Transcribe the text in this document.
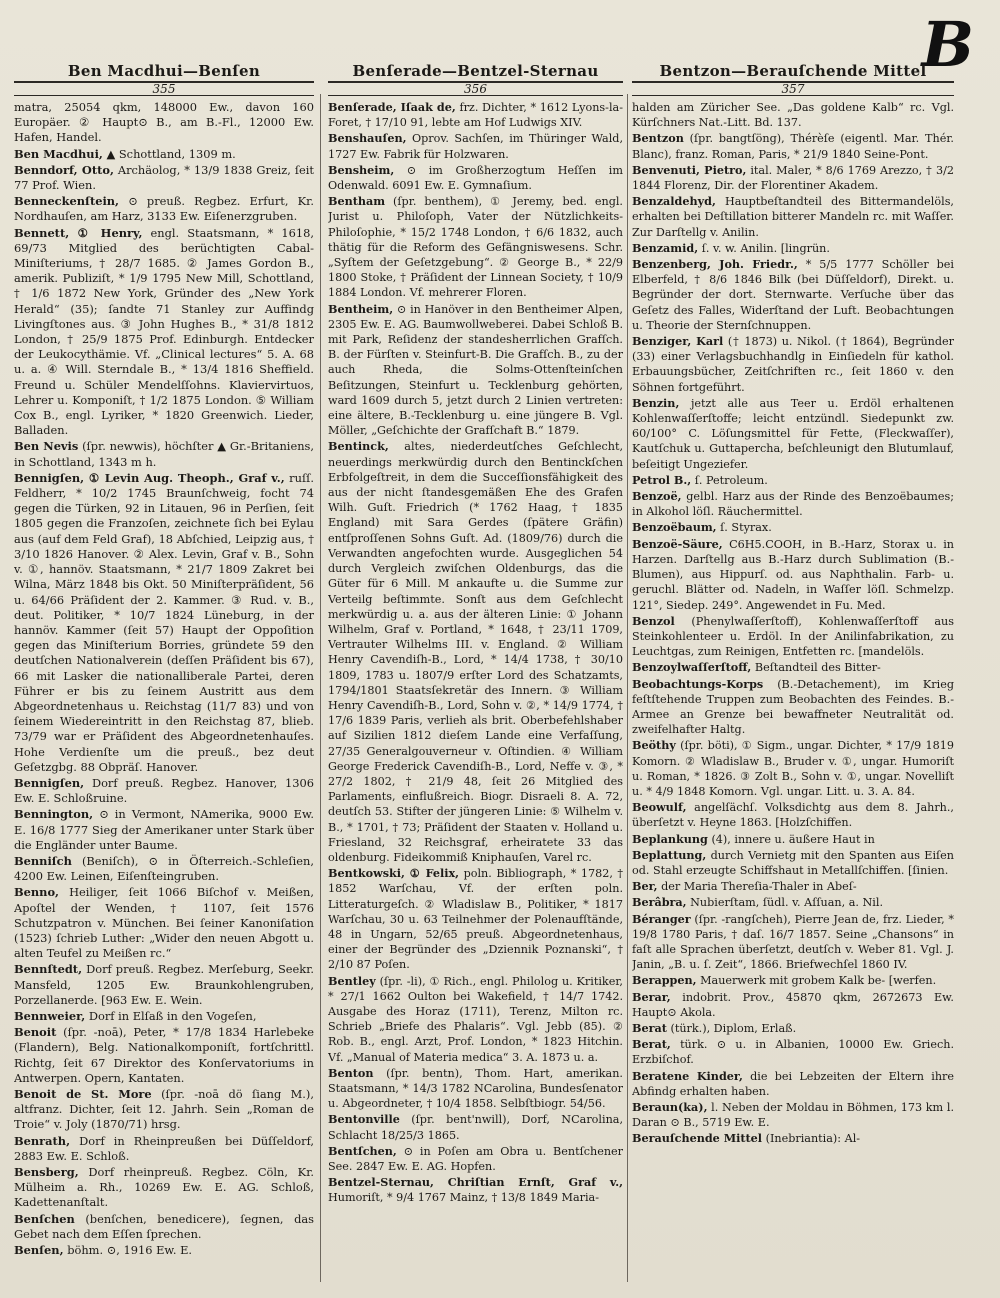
B
Ben Macdhui—Benſen
355

matra, 25054 qkm, 148000 Ew., davon 160 Europäer. ② Haupt⊙ B., am B.-Fl., 12000 Ew. Hafen, Handel.

Ben Macdhui, ▲ Schottland, 1309 m.

Benndorf, Otto, Archäolog, * 13/9 1838 Greiz, ſeit 77 Prof. Wien.

Benneckenſtein, ⊙ preuß. Regbez. Erfurt, Kr. Nordhauſen, am Harz, 3133 Ew. Eiſenerzgruben.

Bennett, ① Henry, engl. Staatsmann, * 1618, 69/73 Mitglied des berüchtigten Cabal-Miniſteriums, † 28/7 1685. ② James Gordon B., amerik. Publiziſt, * 1/9 1795 New Mill, Schottland, † 1/6 1872 New York, Gründer des „New York Herald“ (35); ſandte 71 Stanley zur Auffindg Livingſtones aus. ③ John Hughes B., * 31/8 1812 London, † 25/9 1875 Prof. Edinburgh. Entdecker der Leukocythämie. Vf. „Clinical lectures“ 5. A. 68 u. a. ④ Will. Sterndale B., * 13/4 1816 Sheffield. Freund u. Schüler Mendelſſohns. Klaviervirtuos, Lehrer u. Komponiſt, † 1/2 1875 London. ⑤ William Cox B., engl. Lyriker, * 1820 Greenwich. Lieder, Balladen.

Ben Nevis (ſpr. newwis), höchſter ▲ Gr.-Britaniens, in Schottland, 1343 m h.

Bennigſen, ① Levin Aug. Theoph., Graf v., ruſſ. Feldherr, * 10/2 1745 Braunſchweig, focht 74 gegen die Türken, 92 in Litauen, 96 in Perſien, ſeit 1805 gegen die Franzoſen, zeichnete ſich bei Eylau aus (auf dem Feld Graf), 18 Abſchied, Leipzig aus, † 3/10 1826 Hanover. ② Alex. Levin, Graf v. B., Sohn v. ①, hannöv. Staatsmann, * 21/7 1809 Zakret bei Wilna, März 1848 bis Okt. 50 Miniſterpräſident, 56 u. 64/66 Präſident der 2. Kammer. ③ Rud. v. B., deut. Politiker, * 10/7 1824 Lüneburg, in der hannöv. Kammer (ſeit 57) Haupt der Oppoſition gegen das Miniſterium Borries, gründete 59 den deutſchen Nationalverein (deſſen Präſident bis 67), 66 mit Lasker die nationalliberale Partei, deren Führer er bis zu ſeinem Austritt aus dem Abgeordnetenhaus u. Reichstag (11/7 83) und von ſeinem Wiedereintritt in den Reichstag 87, blieb. 73/79 war er Präſident des Abgeordnetenhauſes. Hohe Verdienſte um die preuß., bez deut Geſetzgbg. 88 Obpräſ. Hanover.

Bennigſen, Dorf preuß. Regbez. Hanover, 1306 Ew. E. Schloßruine.

Bennington, ⊙ in Vermont, NAmerika, 9000 Ew. E. 16/8 1777 Sieg der Amerikaner unter Stark über die Engländer unter Baume.

Benniſch (Beniſch), ⊙ in Öſterreich.-Schleſien, 4200 Ew. Leinen, Eiſenſteingruben.

Benno, Heiliger, ſeit 1066 Biſchof v. Meißen, Apoſtel der Wenden, † 1107, ſeit 1576 Schutzpatron v. München. Bei ſeiner Kanoniſation (1523) ſchrieb Luther: „Wider den neuen Abgott u. alten Teufel zu Meißen rc.“

Bennſtedt, Dorf preuß. Regbez. Merſeburg, Seekr. Mansfeld, 1205 Ew. Braunkohlengruben, Porzellanerde. [963 Ew. E. Wein.

Bennweier, Dorf in Elſaß in den Vogeſen,

Benoit (ſpr. -noā), Peter, * 17/8 1834 Harlebeke (Flandern), Belg. Nationalkomponiſt, fortſchrittl. Richtg, ſeit 67 Direktor des Konſervatoriums in Antwerpen. Opern, Kantaten.

Benoit de St. More (ſpr. -noā dö ſiang M.), altfranz. Dichter, ſeit 12. Jahrh. Sein „Roman de Troie“ v. Joly (1870/71) hrsg.

Benrath, Dorf in Rheinpreußen bei Düſſeldorf, 2883 Ew. E. Schloß.

Bensberg, Dorf rheinpreuß. Regbez. Cöln, Kr. Mülheim a. Rh., 10269 Ew. E. AG. Schloß, Kadettenanſtalt.

Benſchen (benſchen, benedicere), ſegnen, das Gebet nach dem Eſſen ſprechen.

Benſen, böhm. ⊙, 1916 Ew. E.

Benſerade—Bentzel-Sternau
356

Benſerade, Iſaak de, frz. Dichter, * 1612 Lyons-la-Foret, † 17/10 91, lebte am Hof Ludwigs XIV.

Benshauſen, Oprov. Sachſen, im Thüringer Wald, 1727 Ew. Fabrik für Holzwaren.

Bensheim, ⊙ im Großherzogtum Heſſen im Odenwald. 6091 Ew. E. Gymnaſium.

Bentham (ſpr. benthem), ① Jeremy, bed. engl. Jurist u. Philoſoph, Vater der Nützlichkeits-Philoſophie, * 15/2 1748 London, † 6/6 1832, auch thätig für die Reform des Gefängniswesens. Schr. „Syſtem der Geſetzgebung“. ② George B., * 22/9 1800 Stoke, † Präſident der Linnean Society, † 10/9 1884 London. Vf. mehrerer Floren.

Bentheim, ⊙ in Hanöver in den Bentheimer Alpen, 2305 Ew. E. AG. Baumwollweberei. Dabei Schloß B. mit Park, Reſidenz der standesherrlichen Grafſch. B. der Fürſten v. Steinfurt-B. Die Grafſch. B., zu der auch Rheda, die Solms-Ottenſteinſchen Beſitzungen, Steinfurt u. Tecklenburg gehörten, ward 1609 durch 5, jetzt durch 2 Linien vertreten: eine ältere, B.-Tecklenburg u. eine jüngere B. Vgl. Möller, „Geſchichte der Grafſchaft B.“ 1879.

Bentinck, altes, niederdeutſches Geſchlecht, neuerdings merkwürdig durch den Bentinckſchen Erbfolgeſtreit, in dem die Succeſſionsfähigkeit des aus der nicht ſtandesgemäßen Ehe des Grafen Wilh. Guſt. Friedrich (* 1762 Haag, † 1835 England) mit Sara Gerdes (ſpätere Gräfin) entſproſſenen Sohns Guſt. Ad. (1809/76) durch die Verwandten angefochten wurde. Ausgeglichen 54 durch Vergleich zwiſchen Oldenburgs, das die Güter für 6 Mill. M ankaufte u. die Summe zur Verteilg beſtimmte. Sonſt aus dem Geſchlecht merkwürdig u. a. aus der älteren Linie: ① Johann Wilhelm, Graf v. Portland, * 1648, † 23/11 1709, Vertrauter Wilhelms III. v. England. ② William Henry Cavendiſh-B., Lord, * 14/4 1738, † 30/10 1809, 1783 u. 1807/9 erſter Lord des Schatzamts, 1794/1801 Staatsſekretär des Innern. ③ William Henry Cavendiſh-B., Lord, Sohn v. ②, * 14/9 1774, † 17/6 1839 Paris, verlieh als brit. Oberbefehlshaber auf Sizilien 1812 dieſem Lande eine Verfaſſung, 27/35 Generalgouverneur v. Oſtindien. ④ William George Frederick Cavendiſh-B., Lord, Neffe v. ③, * 27/2 1802, † 21/9 48, ſeit 26 Mitglied des Parlaments, einflußreich. Biogr. Disraeli 8. A. 72, deutſch 53. Stifter der jüngeren Linie: ⑤ Wilhelm v. B., * 1701, † 73; Präſident der Staaten v. Holland u. Friesland, 32 Reichsgraf, erheiratete 33 das oldenburg. Fideikommiß Kniphauſen, Varel rc.

Bentkowski, ① Felix, poln. Bibliograph, * 1782, † 1852 Warſchau, Vf. der erſten poln. Litteraturgeſch. ② Wladislaw B., Politiker, * 1817 Warſchau, 30 u. 63 Teilnehmer der Polenaufſtände, 48 in Ungarn, 52/65 preuß. Abgeordnetenhaus, einer der Begründer des „Dziennik Poznanski“, † 2/10 87 Poſen.

Bentley (ſpr. -li), ① Rich., engl. Philolog u. Kritiker, * 27/1 1662 Oulton bei Wakefield, † 14/7 1742. Ausgabe des Horaz (1711), Terenz, Milton rc. Schrieb „Briefe des Phalaris“. Vgl. Jebb (85). ② Rob. B., engl. Arzt, Prof. London, * 1823 Hitchin. Vf. „Manual of Materia medica“ 3. A. 1873 u. a.

Benton (ſpr. bentn), Thom. Hart, amerikan. Staatsmann, * 14/3 1782 NCarolina, Bundesſenator u. Abgeordneter, † 10/4 1858. Selbſtbiogr. 54/56.

Bentonville (ſpr. bent'nwill), Dorf, NCarolina, Schlacht 18/25/3 1865.

Bentſchen, ⊙ in Poſen am Obra u. Bentſchener See. 2847 Ew. E. AG. Hopfen.

Bentzel-Sternau, Chriſtian Ernſt, Graf v., Humoriſt, * 9/4 1767 Mainz, † 13/8 1849 Maria-

Bentzon—Berauſchende Mittel
357

halden am Züricher See. „Das goldene Kalb“ rc. Vgl. Kürſchners Nat.-Litt. Bd. 137.

Bentzon (ſpr. bangtſöng), Thérèſe (eigentl. Mar. Thér. Blanc), franz. Roman, Paris, * 21/9 1840 Seine-Pont.

Benvenuti, Pietro, ital. Maler, * 8/6 1769 Arezzo, † 3/2 1844 Florenz, Dir. der Florentiner Akadem.

Benzaldehyd, Hauptbeſtandteil des Bittermandelöls, erhalten bei Deſtillation bitterer Mandeln rc. mit Waſſer. Zur Darſtellg v. Anilin.

Benzamid, ſ. v. w. Anilin. [lingrün.

Benzenberg, Joh. Friedr., * 5/5 1777 Schöller bei Elberfeld, † 8/6 1846 Bilk (bei Düſſeldorf), Direkt. u. Begründer der dort. Sternwarte. Verſuche über das Geſetz des Falles, Widerſtand der Luft. Beobachtungen u. Theorie der Sternſchnuppen.

Benziger, Karl († 1873) u. Nikol. († 1864), Begründer (33) einer Verlagsbuchhandlg in Einſiedeln für kathol. Erbauungsbücher, Zeitſchriften rc., ſeit 1860 v. den Söhnen fortgeführt.

Benzin, jetzt alle aus Teer u. Erdöl erhaltenen Kohlenwaſſerſtoffe; leicht entzündl. Siedepunkt zw. 60/100° C. Löſungsmittel für Fette, (Fleckwaſſer), Kautſchuk u. Guttapercha, beſchleunigt den Blutumlauf, beſeitigt Ungeziefer.

Petrol B., ſ. Petroleum.

Benzoë, gelbl. Harz aus der Rinde des Benzoëbaumes; in Alkohol löſl. Räuchermittel.

Benzoëbaum, ſ. Styrax.

Benzoë-Säure, C6H5.COOH, in B.-Harz, Storax u. in Harzen. Darſtellg aus B.-Harz durch Sublimation (B.-Blumen), aus Hippurſ. od. aus Naphthalin. Farb- u. geruchl. Blätter od. Nadeln, in Waſſer löſl. Schmelzp. 121°, Siedep. 249°. Angewendet in Fu. Med.

Benzol (Phenylwaſſerſtoff), Kohlenwaſſerſtoff aus Steinkohlenteer u. Erdöl. In der Anilinfabrikation, zu Leuchtgas, zum Reinigen, Entfetten rc. [mandelöls.

Benzoylwaſſerſtoff, Beſtandteil des Bitter-

Beobachtungs-Korps (B.-Detachement), im Krieg feſtſtehende Truppen zum Beobachten des Feindes. B.-Armee an Grenze bei bewaffneter Neutralität od. zweifelhafter Haltg.

Beöthy (ſpr. böti), ① Sigm., ungar. Dichter, * 17/9 1819 Komorn. ② Wladislaw B., Bruder v. ①, ungar. Humoriſt u. Roman, * 1826. ③ Zolt B., Sohn v. ①, ungar. Novelliſt u. * 4/9 1848 Komorn. Vgl. ungar. Litt. u. 3. A. 84.

Beowulf, angelſächſ. Volksdichtg aus dem 8. Jahrh., überſetzt v. Heyne 1863. [Holzſchiffen.

Beplankung (4), innere u. äußere Haut in

Beplattung, durch Vernietg mit den Spanten aus Eiſen od. Stahl erzeugte Schiffshaut in Metallſchiffen. [ſinien.

Ber, der Maria Thereſia-Thaler in Abeſ-

Berâbra, Nubierſtam, ſüdl. v. Aſſuan, a. Nil.

Béranger (ſpr. -rangſcheh), Pierre Jean de, frz. Lieder, * 19/8 1780 Paris, † daſ. 16/7 1857. Seine „Chansons“ in faſt alle Sprachen überſetzt, deutſch v. Weber 81. Vgl. J. Janin, „B. u. ſ. Zeit“, 1866. Briefwechſel 1860 IV.

Berappen, Mauerwerk mit grobem Kalk be- [werfen.

Berar, indobrit. Prov., 45870 qkm, 2672673 Ew. Haupt⊙ Akola.

Berat (türk.), Diplom, Erlaß.

Berat, türk. ⊙ u. in Albanien, 10000 Ew. Griech. Erzbiſchof.

Beratene Kinder, die bei Lebzeiten der Eltern ihre Abfindg erhalten haben.

Beraun(ka), l. Neben der Moldau in Böhmen, 173 km l. Daran ⊙ B., 5719 Ew. E.

Berauſchende Mittel (Inebriantia): Al-
